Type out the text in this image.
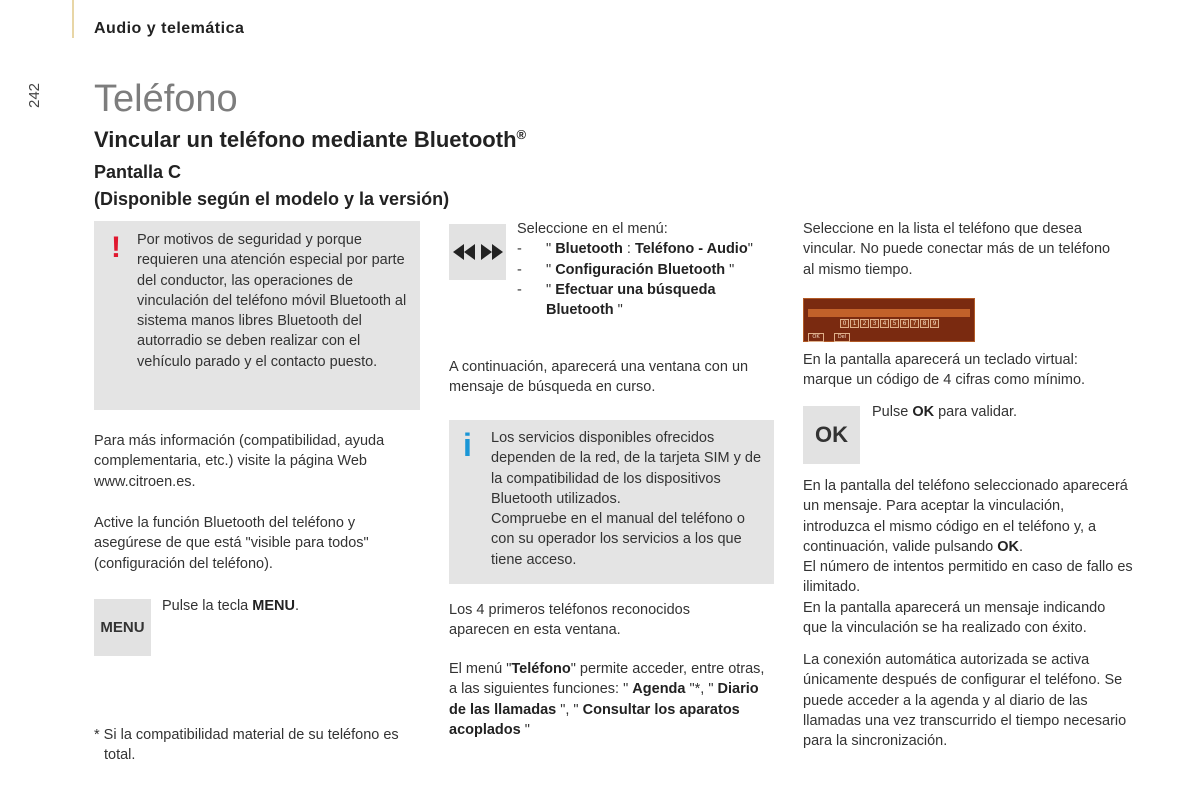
Audio y telemática
242 Teléfono
Vincular un teléfono mediante Bluetooth®
Pantalla C
(Disponible según el modelo y la versión)
! Por motivos de seguridad y porque requieren una atención especial por parte del conductor, las operaciones de vinculación del teléfono móvil Bluetooth al sistema manos libres Bluetooth del autorradio se deben realizar con el vehículo parado y el contacto puesto.
Para más información (compatibilidad, ayuda complementaria, etc.) visite la página Web www.citroen.es.
Active la función Bluetooth del teléfono y asegúrese de que está "visible para todos" (configuración del teléfono).
MENU
Pulse la tecla MENU.
* Si la compatibilidad material de su teléfono es total.
Seleccione en el menú:
- " Bluetooth : Teléfono - Audio"
- " Configuración Bluetooth "
- " Efectuar una búsqueda Bluetooth "
A continuación, aparecerá una ventana con un mensaje de búsqueda en curso.
i Los servicios disponibles ofrecidos dependen de la red, de la tarjeta SIM y de la compatibilidad de los dispositivos Bluetooth utilizados.
Compruebe en el manual del teléfono o con su operador los servicios a los que tiene acceso.
Los 4 primeros teléfonos reconocidos aparecen en esta ventana.
El menú "Teléfono" permite acceder, entre otras, a las siguientes funciones: " Agenda "*, " Diario de las llamadas ", " Consultar los aparatos acoplados "
Seleccione en la lista el teléfono que desea vincular. No puede conectar más de un teléfono al mismo tiempo.
0	1	2	3	4	5	6	7	8	9
OK	Del
En la pantalla aparecerá un teclado virtual: marque un código de 4 cifras como mínimo.
OK
Pulse OK para validar.
En la pantalla del teléfono seleccionado aparecerá un mensaje. Para aceptar la vinculación, introduzca el mismo código en el teléfono y, a continuación, valide pulsando OK.
El número de intentos permitido en caso de fallo es ilimitado.
En la pantalla aparecerá un mensaje indicando que la vinculación se ha realizado con éxito.
La conexión automática autorizada se activa únicamente después de configurar el teléfono. Se puede acceder a la agenda y al diario de las llamadas una vez transcurrido el tiempo necesario para la sincronización.
